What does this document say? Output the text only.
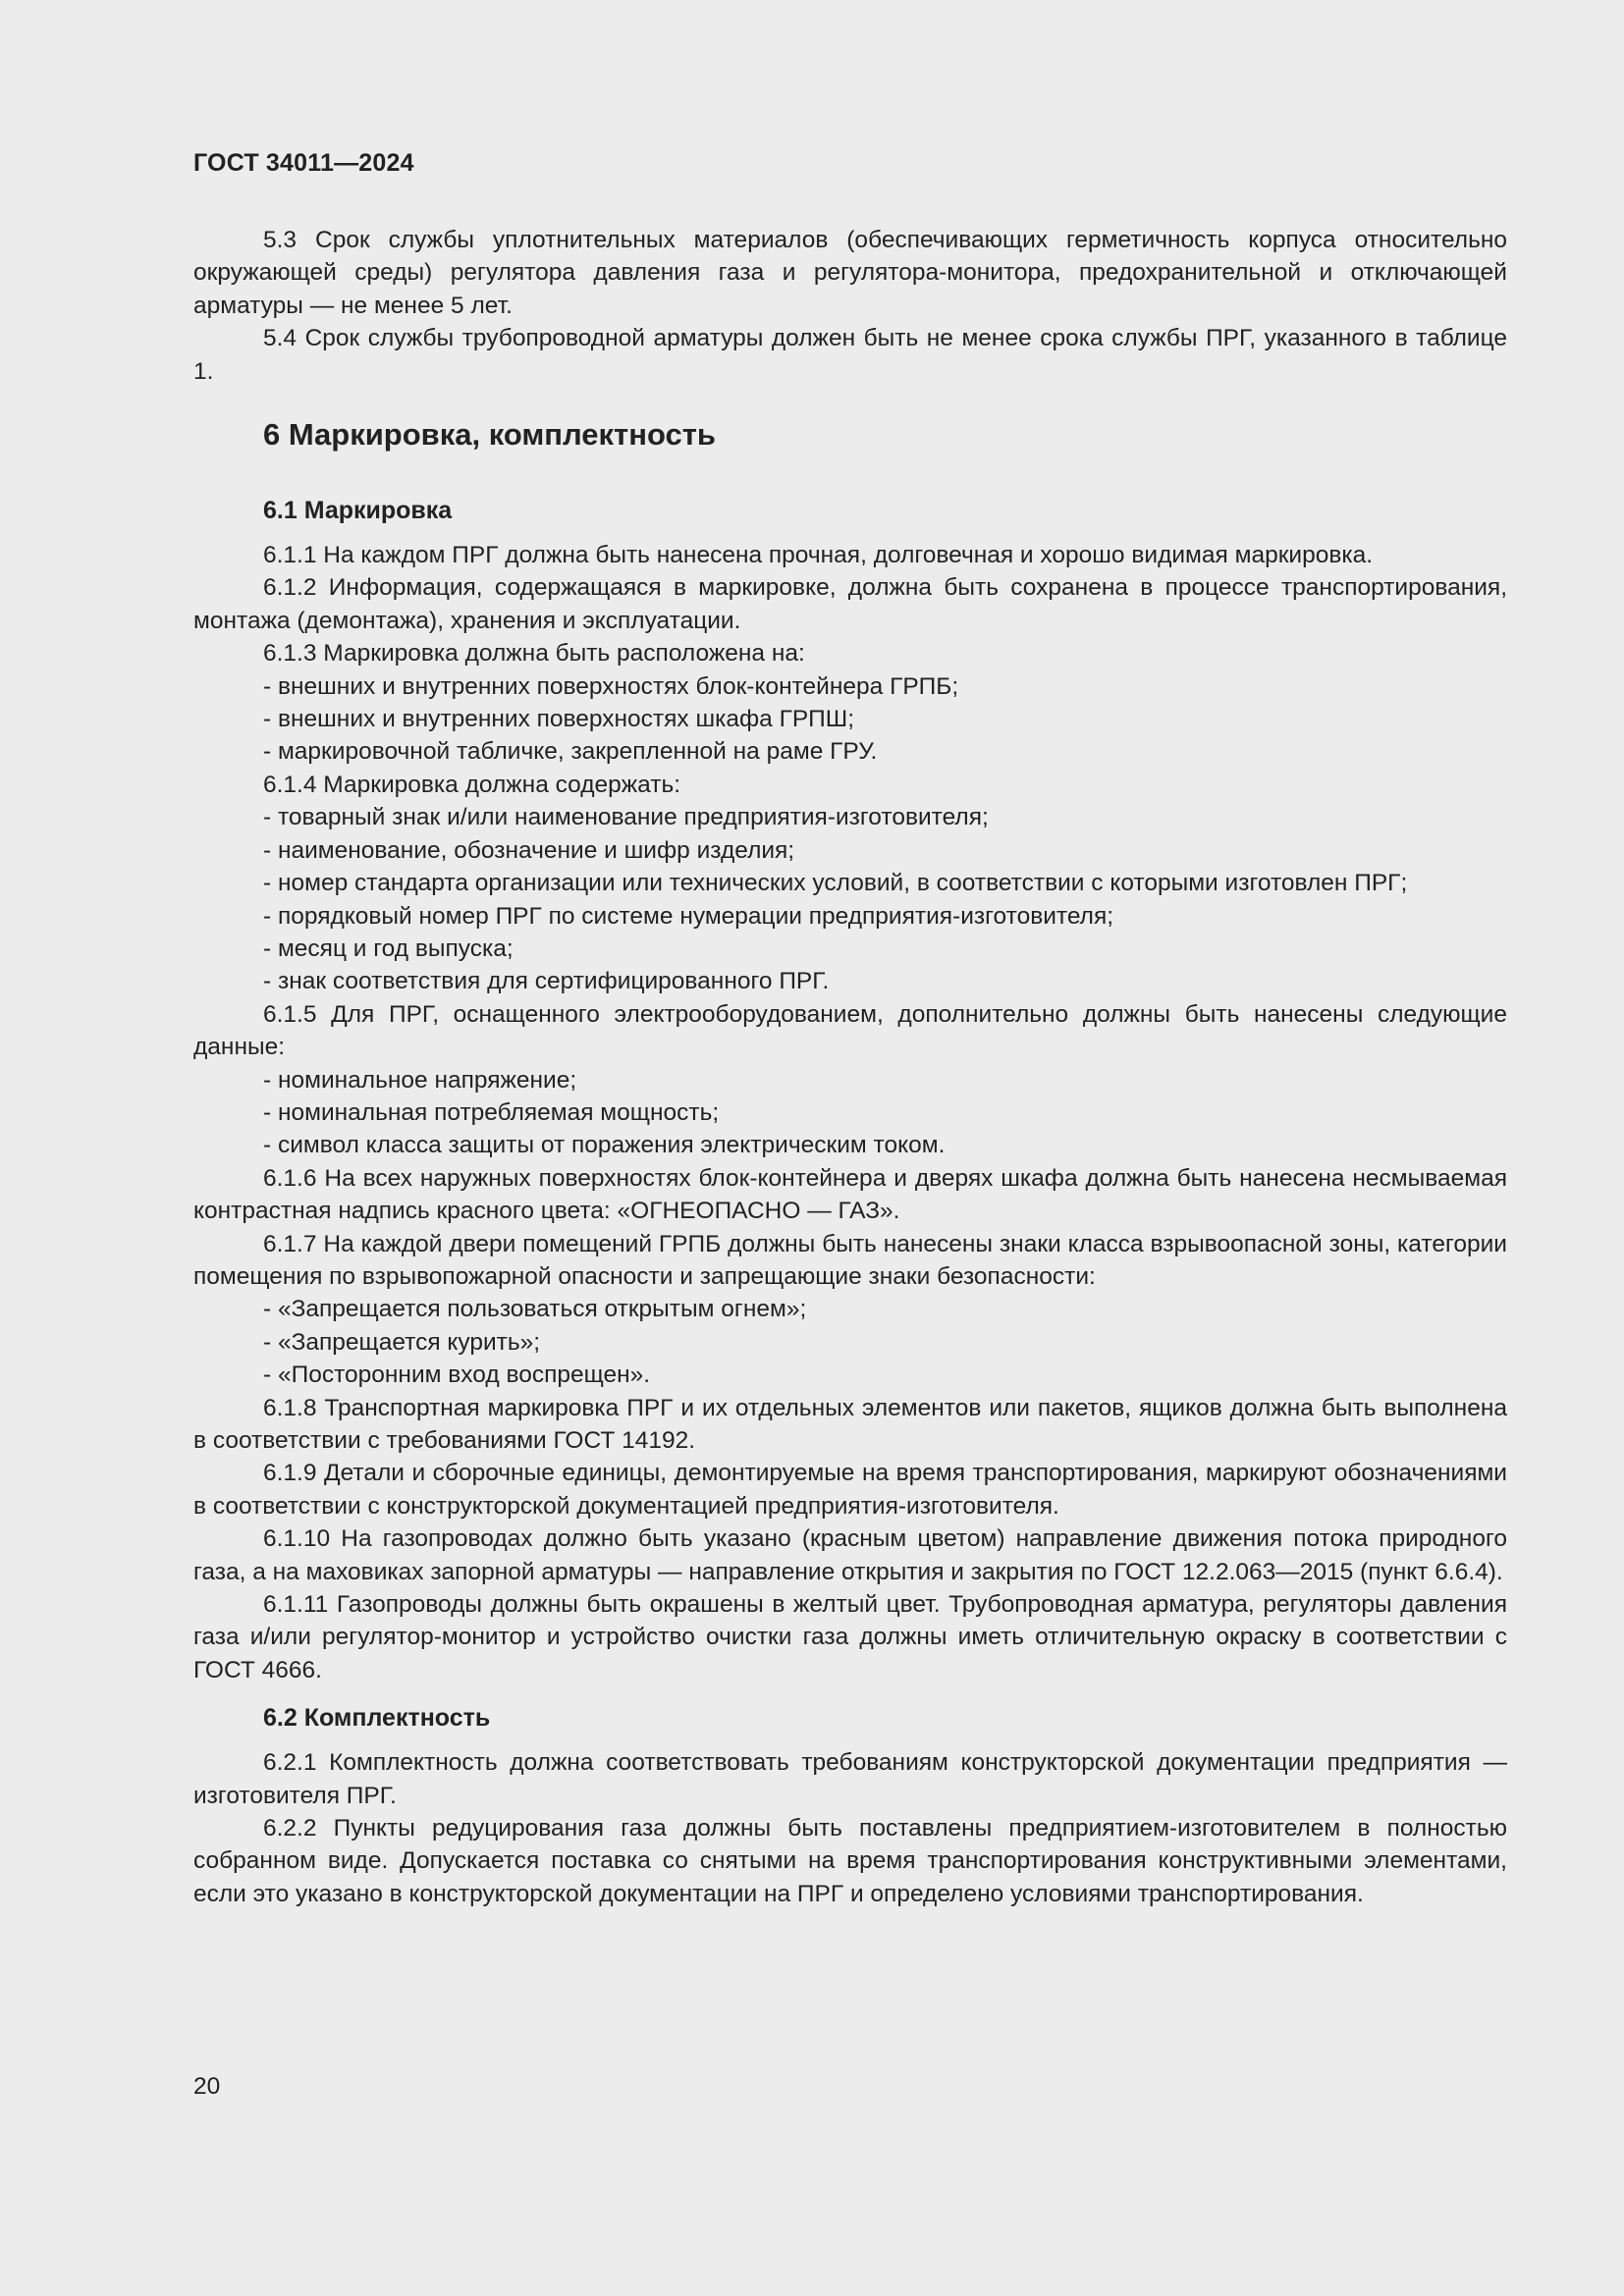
ГОСТ 34011—2024

5.3 Срок службы уплотнительных материалов (обеспечивающих герметичность корпуса относительно окружающей среды) регулятора давления газа и регулятора-монитора, предохранительной и отключающей арматуры — не менее 5 лет.

5.4 Срок службы трубопроводной арматуры должен быть не менее срока службы ПРГ, указанного в таблице 1.

6 Маркировка, комплектность
6.1 Маркировка

6.1.1 На каждом ПРГ должна быть нанесена прочная, долговечная и хорошо видимая маркировка.

6.1.2 Информация, содержащаяся в маркировке, должна быть сохранена в процессе транспортирования, монтажа (демонтажа), хранения и эксплуатации.

6.1.3 Маркировка должна быть расположена на:

- внешних и внутренних поверхностях блок-контейнера ГРПБ;

- внешних и внутренних поверхностях шкафа ГРПШ;

- маркировочной табличке, закрепленной на раме ГРУ.

6.1.4 Маркировка должна содержать:

- товарный знак и/или наименование предприятия-изготовителя;

- наименование, обозначение и шифр изделия;

- номер стандарта организации или технических условий, в соответствии с которыми изготовлен ПРГ;

- порядковый номер ПРГ по системе нумерации предприятия-изготовителя;

- месяц и год выпуска;

- знак соответствия для сертифицированного ПРГ.

6.1.5 Для ПРГ, оснащенного электрооборудованием, дополнительно должны быть нанесены следующие данные:

- номинальное напряжение;

- номинальная потребляемая мощность;

- символ класса защиты от поражения электрическим током.

6.1.6 На всех наружных поверхностях блок-контейнера и дверях шкафа должна быть нанесена несмываемая контрастная надпись красного цвета: «ОГНЕОПАСНО — ГАЗ».

6.1.7 На каждой двери помещений ГРПБ должны быть нанесены знаки класса взрывоопасной зоны, категории помещения по взрывопожарной опасности и запрещающие знаки безопасности:

- «Запрещается пользоваться открытым огнем»;

- «Запрещается курить»;

- «Посторонним вход воспрещен».

6.1.8 Транспортная маркировка ПРГ и их отдельных элементов или пакетов, ящиков должна быть выполнена в соответствии с требованиями ГОСТ 14192.

6.1.9 Детали и сборочные единицы, демонтируемые на время транспортирования, маркируют обозначениями в соответствии с конструкторской документацией предприятия-изготовителя.

6.1.10 На газопроводах должно быть указано (красным цветом) направление движения потока природного газа, а на маховиках запорной арматуры — направление открытия и закрытия по ГОСТ 12.2.063—2015 (пункт 6.6.4).

6.1.11 Газопроводы должны быть окрашены в желтый цвет. Трубопроводная арматура, регуляторы давления газа и/или регулятор-монитор и устройство очистки газа должны иметь отличительную окраску в соответствии с ГОСТ 4666.

6.2 Комплектность

6.2.1 Комплектность должна соответствовать требованиям конструкторской документации предприятия — изготовителя ПРГ.

6.2.2 Пункты редуцирования газа должны быть поставлены предприятием-изготовителем в полностью собранном виде. Допускается поставка со снятыми на время транспортирования конструктивными элементами, если это указано в конструкторской документации на ПРГ и определено условиями транспортирования.

20
